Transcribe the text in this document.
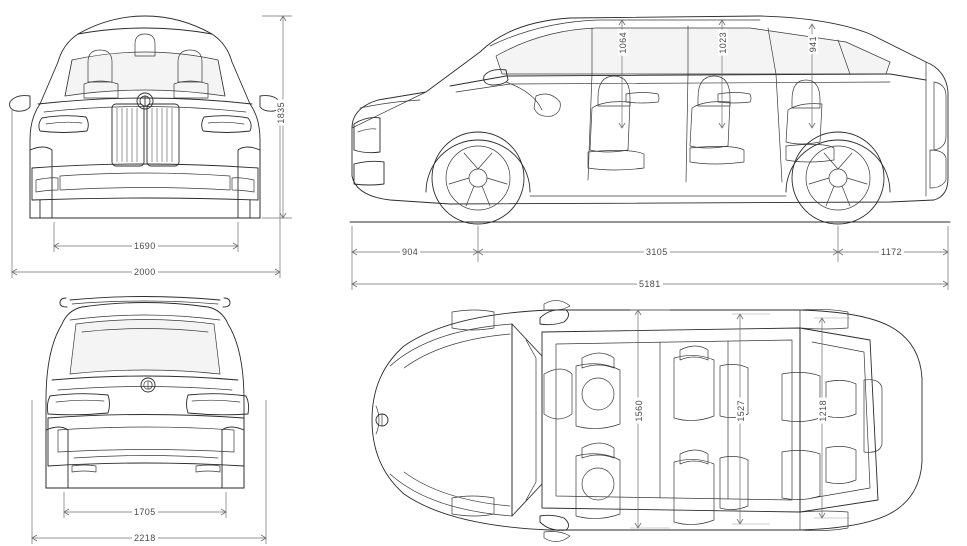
1835
1690
2000
1705
2218
1064	1023	941
904	3105	1172
5181
1560	1527	1218
